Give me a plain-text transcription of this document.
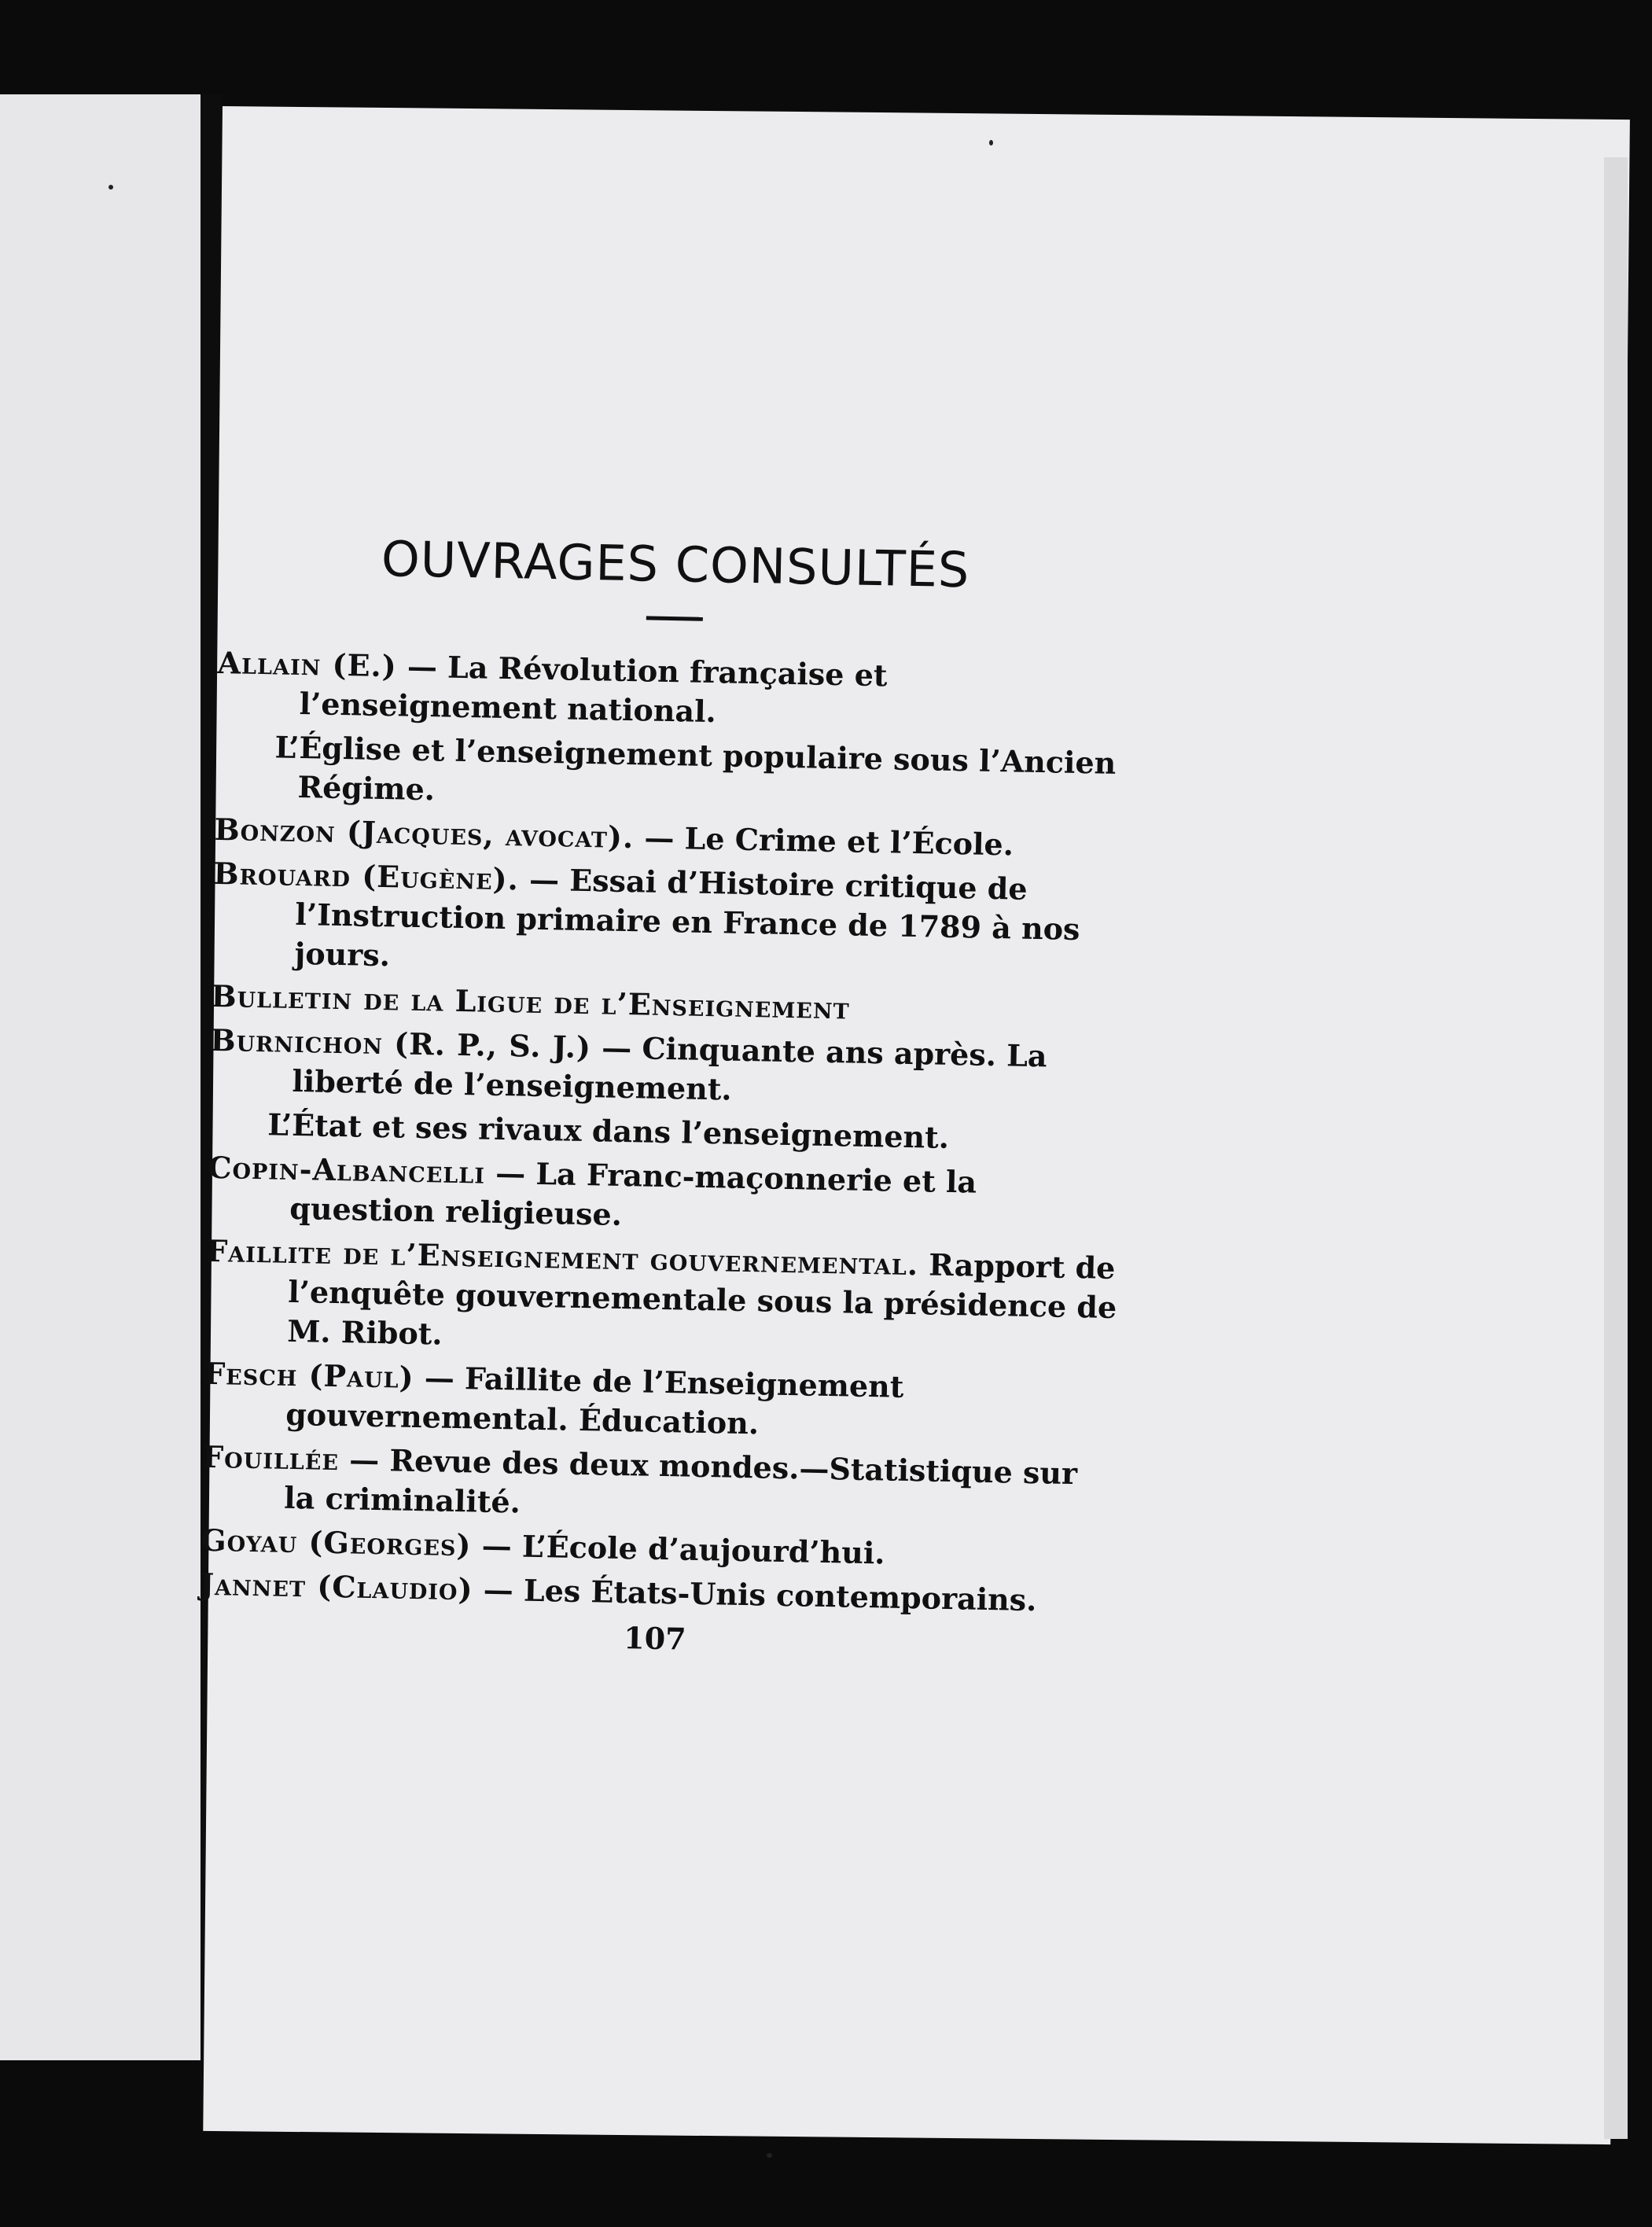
OUVRAGES CONSULTÉS

Allain (E.) — La Révolution française et l’enseignement national.

L’Église et l’enseignement populaire sous l’Ancien Régime.

Bonzon (Jacques, avocat). — Le Crime et l’École.

Brouard (Eugène). — Essai d’Histoire critique de l’Instruction primaire en France de 1789 à nos jours.

Bulletin de la Ligue de l’Enseignement

Burnichon (R. P., S. J.) — Cinquante ans après. La liberté de l’enseignement.

L’État et ses rivaux dans l’enseignement.

Copin-Albancelli — La Franc-maçonnerie et la question religieuse.

Faillite de l’Enseignement gouvernemental. Rapport de l’enquête gouvernementale sous la présidence de M. Ribot.

Fesch (Paul) — Faillite de l’Enseignement gouvernemental. Éducation.

Fouillée — Revue des deux mondes.—Statistique sur la criminalité.

Goyau (Georges) — L’École d’aujourd’hui.

Jannet (Claudio) — Les États-Unis contemporains.

107
